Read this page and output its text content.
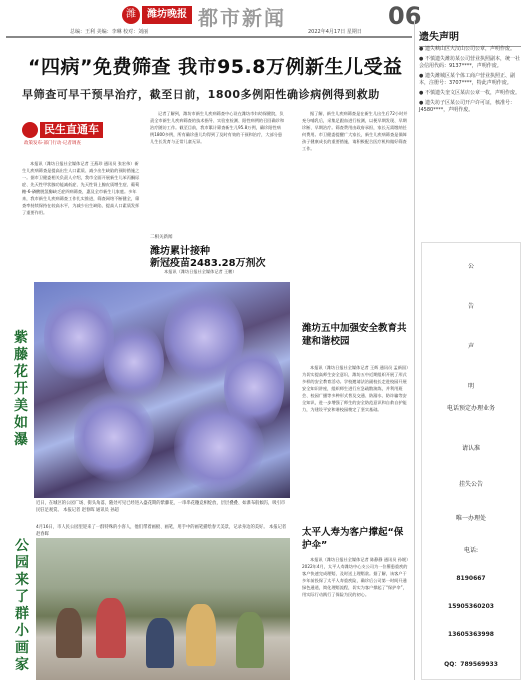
潍	潍坊晚报 都市新闻	06
总编：王利 美编：李琳 校对：刘丽	2022年4月17日 星期日
“四病”免费筛查 我市95.8万例新生儿受益
早筛查可早干预早治疗，截至日前，1800多例阳性确诊病例得到救助
民生直通车
政策发布·部门行动·记者调查

本报讯（潍坊日报社全媒体记者 王燕珍 通讯员 张宏伟）新生儿疾病筛查是提高出生人口素质、减少出生缺陷的预防措施之一。据市卫健委相关负责人介绍，我市全面开展新生儿苯丙酮尿症、先天性甲状腺功能减低症、先天性肾上腺皮质增生症、葡萄糖-6-磷酸脱氢酶缺乏症四病筛查，惠及全市新生儿家庭。多年来，我市新生儿疾病筛查工作扎实推进，筛查网络不断健全，筛查率持续保持在较高水平，为减少出生缺陷、提高人口素质发挥了重要作用。

记者了解到，潍坊市新生儿疾病筛查中心设在潍坊市妇幼保健院，负责全市新生儿疾病筛查的技术指导、实验室检测、阳性病例的召回确诊和治疗随访工作。截至目前，我市累计筛查新生儿95.8万例，确诊阳性病例1800多例，所有确诊患儿均得到了及时有效的干预和治疗，大部分患儿生长发育与正常儿童无异。

据了解，新生儿疾病筛查是在新生儿出生后72小时并充分哺乳后，采集足跟血进行检测，以便早期发现、早期诊断、早期治疗。筛查费用由政府承担，家长无需缴纳任何费用。市卫健委提醒广大家长，新生儿疾病筛查是保障孩子健康成长的重要措施，请积极配合医疗机构做好筛查工作。

二相关新闻
潍坊累计接种
新冠疫苗2483.28万剂次
本报讯（潍坊日报社全媒体记者 王鹏）
紫
藤
花
开
美
如
瀑
近日，在城区的公园广场、街头角落，随处可见已经进入盛花期的紫藤花，一串串花穗竞相绽放，层层叠叠、如瀑布般倾泻，吸引市民驻足观赏。 本报记者 赵春晖 通讯员 孙超
4月16日，市人民公园里迎来了一群特殊的小客人，他们带着画板、画笔，用手中的画笔描绘春天美景，记录身边的美好。 本报记者 赵春晖
公
园
来
了
群
小
画
家
潍坊五中加强安全教育共建和谐校园

本报讯（潍坊日报社全媒体记者 王辉 通讯员 孟新国）为切实提高师生安全意识，潍坊五中近期组织开展了形式多样的安全教育活动。学校邀请法治副校长走进校园开展安全知识讲座，组织师生进行应急疏散演练，并利用班会、校园广播等多种形式普及交通、防溺水、防诈骗等安全知识，进一步增强了师生的安全防范意识和自救自护能力，为建设平安和谐校园奠定了坚实基础。

太平人寿为客户撑起“保护伞”

本报讯（潍坊日报社全媒体记者 陈静静 通讯员 孙媛）2022年4月，太平人寿潍坊中心支公司为一位罹患重疾的客户快速完成理赔，及时送上理赔款。据了解，该客户于多年前投保了太平人寿重疾险，确诊后公司第一时间开通绿色通道，简化理赔流程，切实为客户撑起了“保护伞”，用实际行动践行了保险为民的初心。

遗失声明
● 遗失峡山区大汉山公司公章，声明作废。
● 不慎遗失潍坊某公司营业执照副本，统一社会信用代码：9137****，声明作废。
● 遗失潍城区某个体工商户营业执照正、副本，注册号：3707****，特此声明作废。
● 不慎遗失奎文区某店公章一枚，声明作废。
● 遗失坊子区某公司开户许可证，核准号：J4580****，声明作废。
公
告
声
明
电话预定办理业务
请认准
挂失公告
唯一办理处
电话:
8190667
15905360203
13605363998
QQ：789569933
